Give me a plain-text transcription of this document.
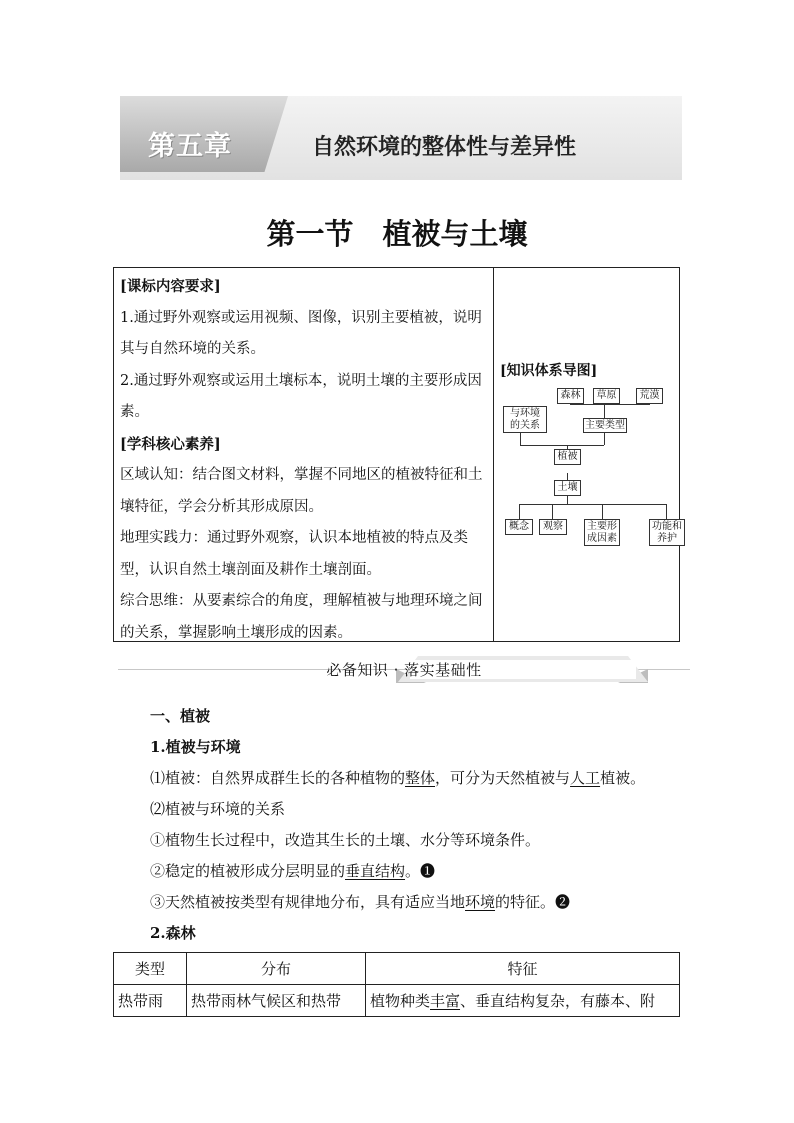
第五章	自然环境的整体性与差异性
第一节　植被与土壤
[课标内容要求]

1.通过野外观察或运用视频、图像，识别主要植被，说明其与自然环境的关系。

2.通过野外观察或运用土壤标本，说明土壤的主要形成因素。

[学科核心素养]

区域认知：结合图文材料，掌握不同地区的植被特征和土壤特征，学会分析其形成原因。

地理实践力：通过野外观察，认识本地植被的特点及类型，认识自然土壤剖面及耕作土壤剖面。

综合思维：从要素综合的角度，理解植被与地理环境之间的关系，掌握影响土壤形成的因素。

[知识体系导图]
森林	草原	荒漠
与环境
的关系	主要类型
植被
土壤
概念	观察	主要形
成因素
功能和
养护
必备知识 · 落实基础性
一、植被
1.植被与环境
⑴植被：自然界成群生长的各种植物的整体，可分为天然植被与人工植被。
⑵植被与环境的关系
①植物生长过程中，改造其生长的土壤、水分等环境条件。
②稳定的植被形成分层明显的垂直结构。❶
③天然植被按类型有规律地分布，具有适应当地环境的特征。❷
2.森林
类型	分布	特征
热带雨	热带雨林气候区和热带	植物种类丰富、垂直结构复杂，有藤本、附
